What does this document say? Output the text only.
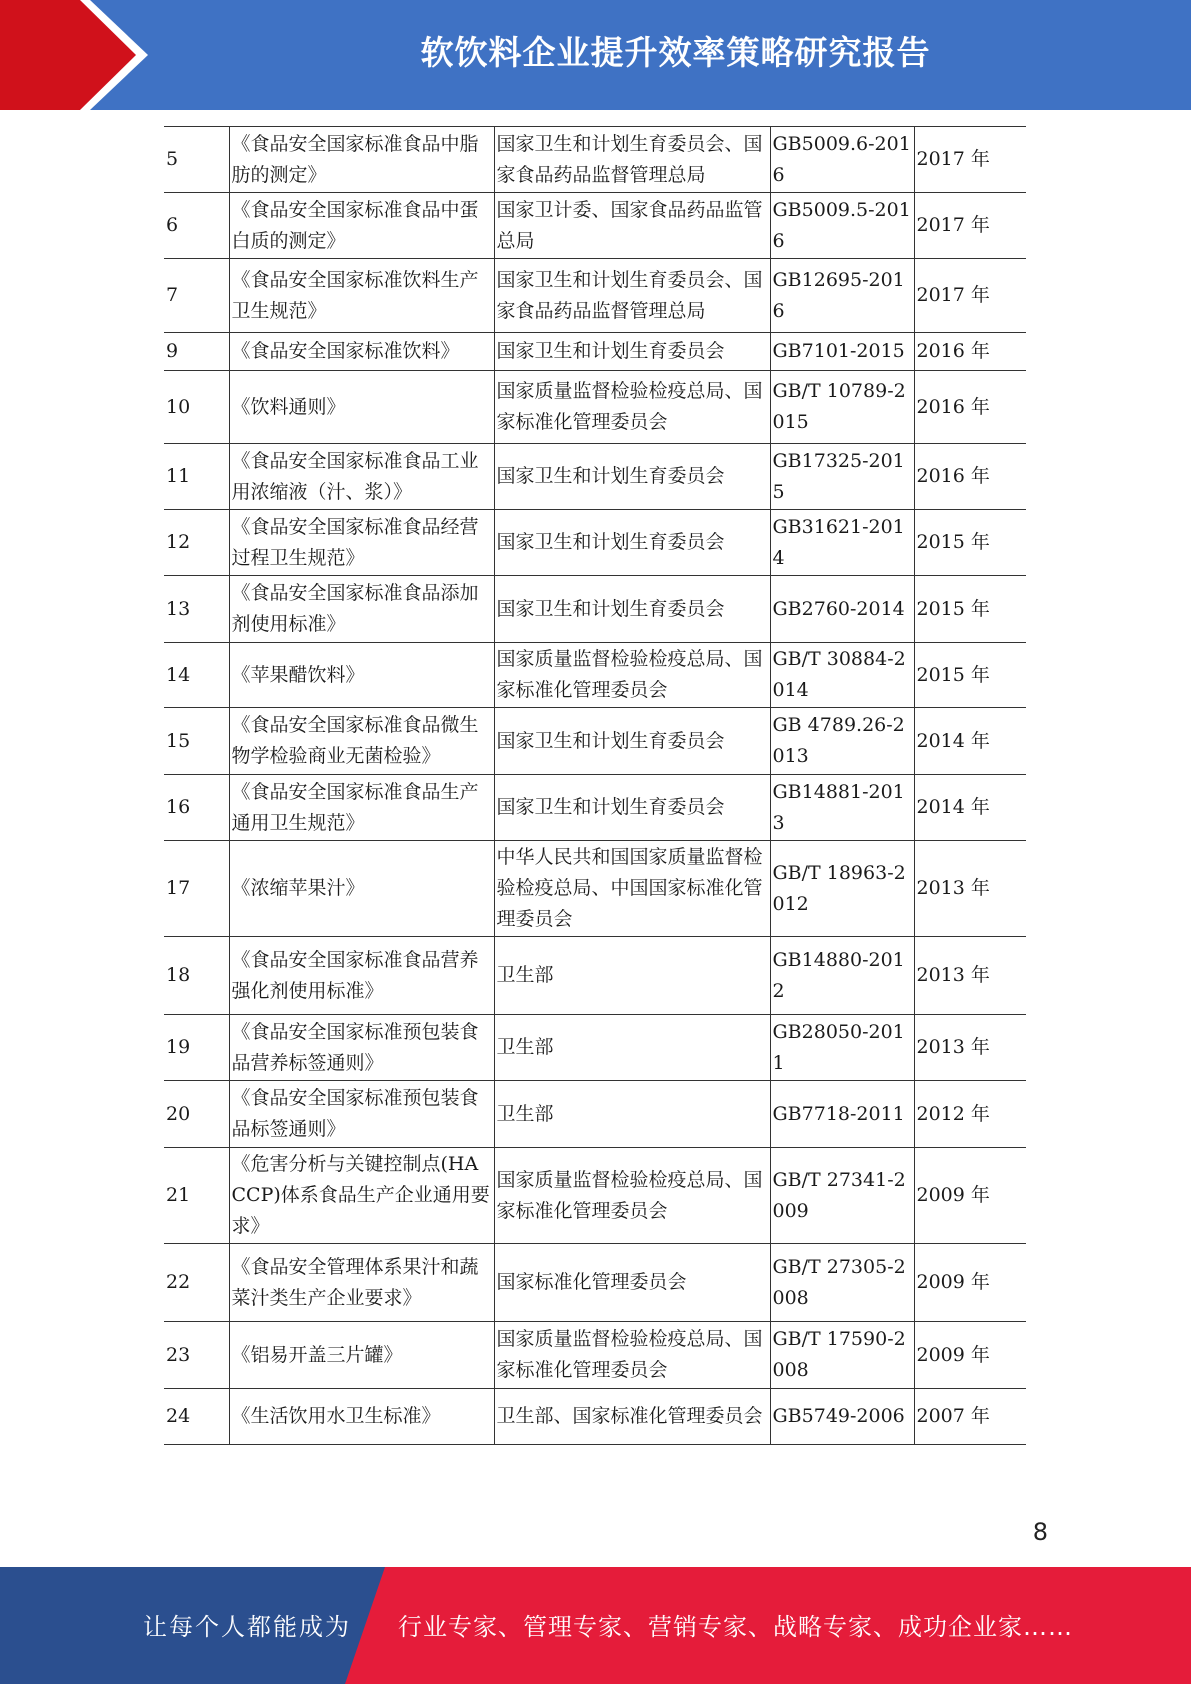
软饮料企业提升效率策略研究报告
5	《食品安全国家标准食品中脂肪的测定》	国家卫生和计划生育委员会、国家食品药品监督管理总局	GB5009.6-2016	2017 年
6	《食品安全国家标准食品中蛋白质的测定》	国家卫计委、国家食品药品监管总局	GB5009.5-2016	2017 年
7	《食品安全国家标准饮料生产卫生规范》	国家卫生和计划生育委员会、国家食品药品监督管理总局	GB12695-2016	2017 年
9	《食品安全国家标准饮料》	国家卫生和计划生育委员会	GB7101-2015	2016 年
10	《饮料通则》	国家质量监督检验检疫总局、国家标准化管理委员会	GB/T 10789-2015	2016 年
11	《食品安全国家标准食品工业用浓缩液（汁、浆）》	国家卫生和计划生育委员会	GB17325-2015	2016 年
12	《食品安全国家标准食品经营过程卫生规范》	国家卫生和计划生育委员会	GB31621-2014	2015 年
13	《食品安全国家标准食品添加剂使用标准》	国家卫生和计划生育委员会	GB2760-2014	2015 年
14	《苹果醋饮料》	国家质量监督检验检疫总局、国家标准化管理委员会	GB/T 30884-2014	2015 年
15	《食品安全国家标准食品微生物学检验商业无菌检验》	国家卫生和计划生育委员会	GB 4789.26-2013	2014 年
16	《食品安全国家标准食品生产通用卫生规范》	国家卫生和计划生育委员会	GB14881-2013	2014 年
17	《浓缩苹果汁》	中华人民共和国国家质量监督检验检疫总局、中国国家标准化管理委员会	GB/T 18963-2012	2013 年
18	《食品安全国家标准食品营养强化剂使用标准》	卫生部	GB14880-2012	2013 年
19	《食品安全国家标准预包装食品营养标签通则》	卫生部	GB28050-2011	2013 年
20	《食品安全国家标准预包装食品标签通则》	卫生部	GB7718-2011	2012 年
21	《危害分析与关键控制点(HACCP)体系食品生产企业通用要求》	国家质量监督检验检疫总局、国家标准化管理委员会	GB/T 27341-2009	2009 年
22	《食品安全管理体系果汁和蔬菜汁类生产企业要求》	国家标准化管理委员会	GB/T 27305-2008	2009 年
23	《铝易开盖三片罐》	国家质量监督检验检疫总局、国家标准化管理委员会	GB/T 17590-2008	2009 年
24	《生活饮用水卫生标准》	卫生部、国家标准化管理委员会	GB5749-2006	2007 年
8
让每个人都能成为 行业专家、管理专家、营销专家、战略专家、成功企业家……
